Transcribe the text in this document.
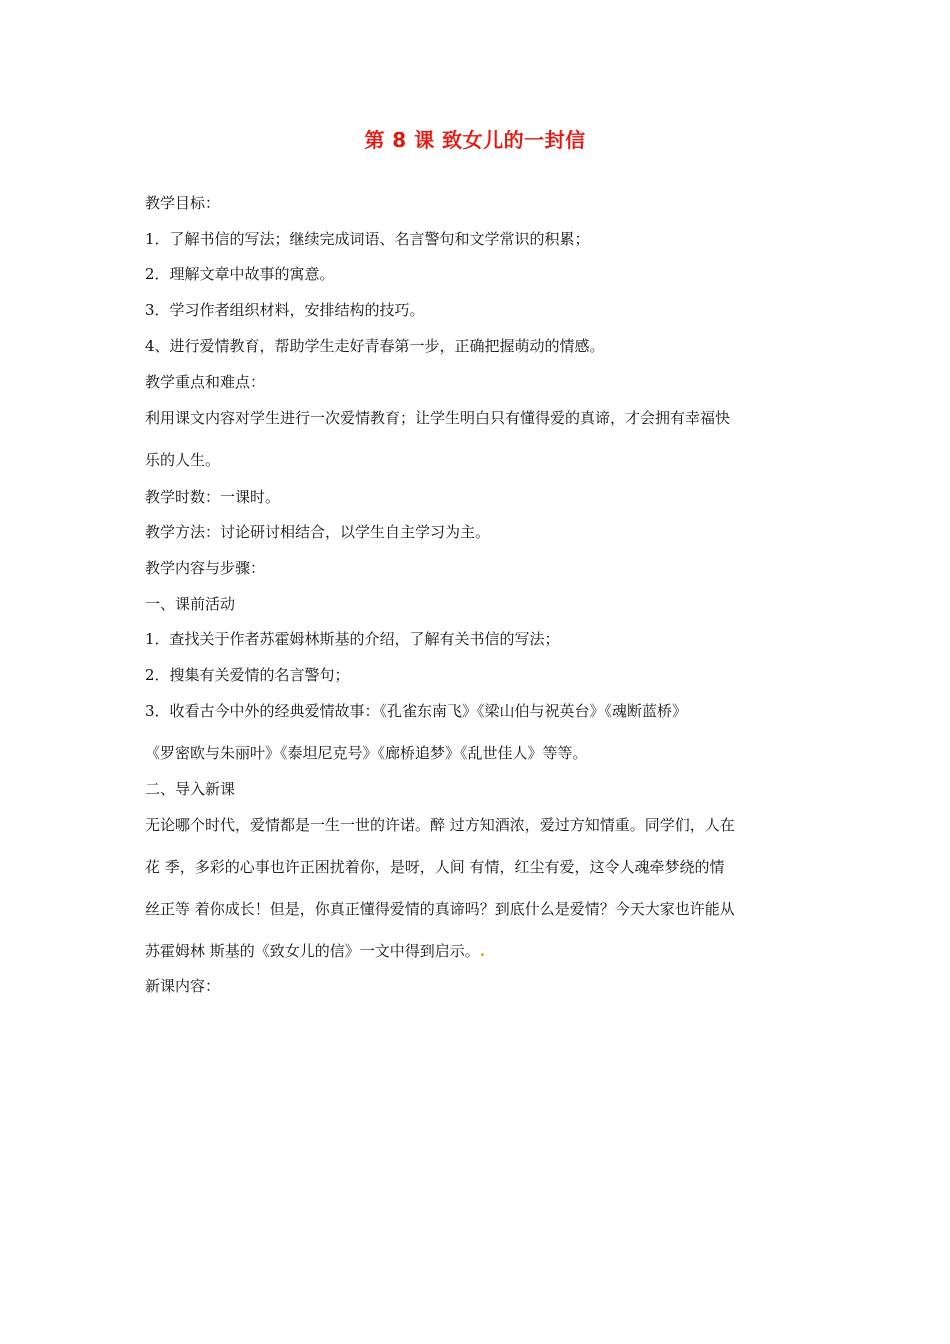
第 8 课 致女儿的一封信
教学目标：
1．了解书信的写法；继续完成词语、名言警句和文学常识的积累；
2．理解文章中故事的寓意。
3．学习作者组织材料，安排结构的技巧。
4、进行爱情教育，帮助学生走好青春第一步，正确把握萌动的情感。
教学重点和难点：
利用课文内容对学生进行一次爱情教育；让学生明白只有懂得爱的真谛，才会拥有幸福快
乐的人生。
教学时数：一课时。
教学方法：讨论研讨相结合，以学生自主学习为主。
教学内容与步骤：
一、课前活动
1．查找关于作者苏霍姆林斯基的介绍，了解有关书信的写法；
2．搜集有关爱情的名言警句；
3．收看古今中外的经典爱情故事：《孔雀东南飞》《梁山伯与祝英台》《魂断蓝桥》
《罗密欧与朱丽叶》《泰坦尼克号》《廊桥追梦》《乱世佳人》等等。
二、导入新课
无论哪个时代，爱情都是一生一世的许诺。醉 过方知酒浓，爱过方知情重。同学们，人在
花 季，多彩的心事也许正困扰着你，是呀，人间 有情，红尘有爱，这令人魂牵梦绕的情
丝正等 着你成长！但是，你真正懂得爱情的真谛吗？到底什么是爱情？今天大家也许能从
苏霍姆林 斯基的《致女儿的信》一文中得到启示。.
新课内容：
